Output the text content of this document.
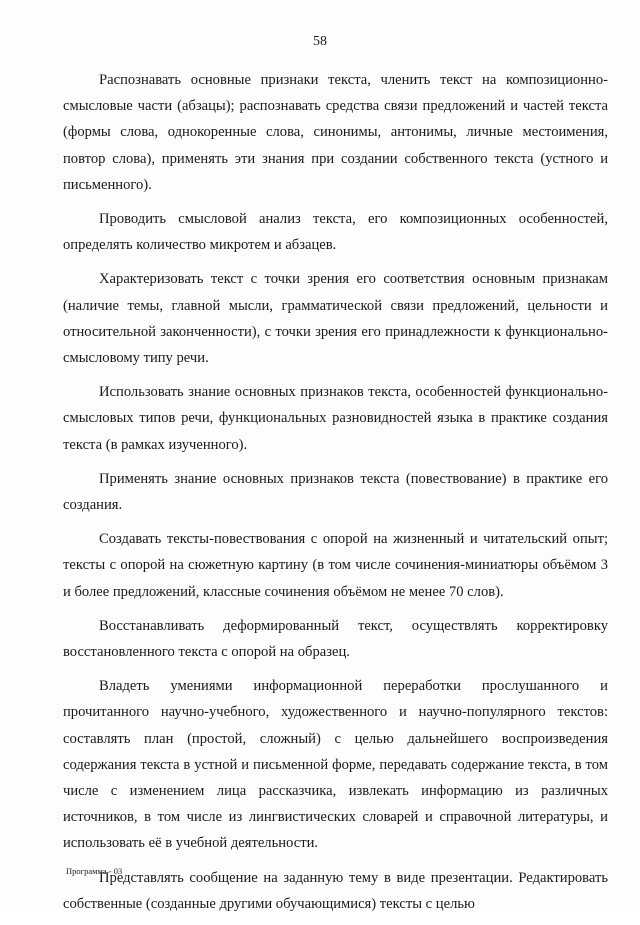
58

Распознавать основные признаки текста, членить текст на композиционно-смысловые части (абзацы); распознавать средства связи предложений и частей текста (формы слова, однокоренные слова, синонимы, антонимы, личные местоимения, повтор слова), применять эти знания при создании собственного текста (устного и письменного).

Проводить смысловой анализ текста, его композиционных особенностей, определять количество микротем и абзацев.

Характеризовать текст с точки зрения его соответствия основным признакам (наличие темы, главной мысли, грамматической связи предложений, цельности и относительной законченности), с точки зрения его принадлежности к функционально-смысловому типу речи.

Использовать знание основных признаков текста, особенностей функционально-смысловых типов речи, функциональных разновидностей языка в практике создания текста (в рамках изученного).

Применять знание основных признаков текста (повествование) в практике его создания.

Создавать тексты-повествования с опорой на жизненный и читательский опыт; тексты с опорой на сюжетную картину (в том числе сочинения-миниатюры объёмом 3 и более предложений, классные сочинения объёмом не менее 70 слов).

Восстанавливать деформированный текст, осуществлять корректировку восстановленного текста с опорой на образец.

Владеть умениями информационной переработки прослушанного и прочитанного научно-учебного, художественного и научно-популярного текстов: составлять план (простой, сложный) с целью дальнейшего воспроизведения содержания текста в устной и письменной форме, передавать содержание текста, в том числе с изменением лица рассказчика, извлекать информацию из различных источников, в том числе из лингвистических словарей и справочной литературы, и использовать её в учебной деятельности.

Представлять сообщение на заданную тему в виде презентации. Редактировать собственные (созданные другими обучающимися) тексты с целью

Программа - 03
